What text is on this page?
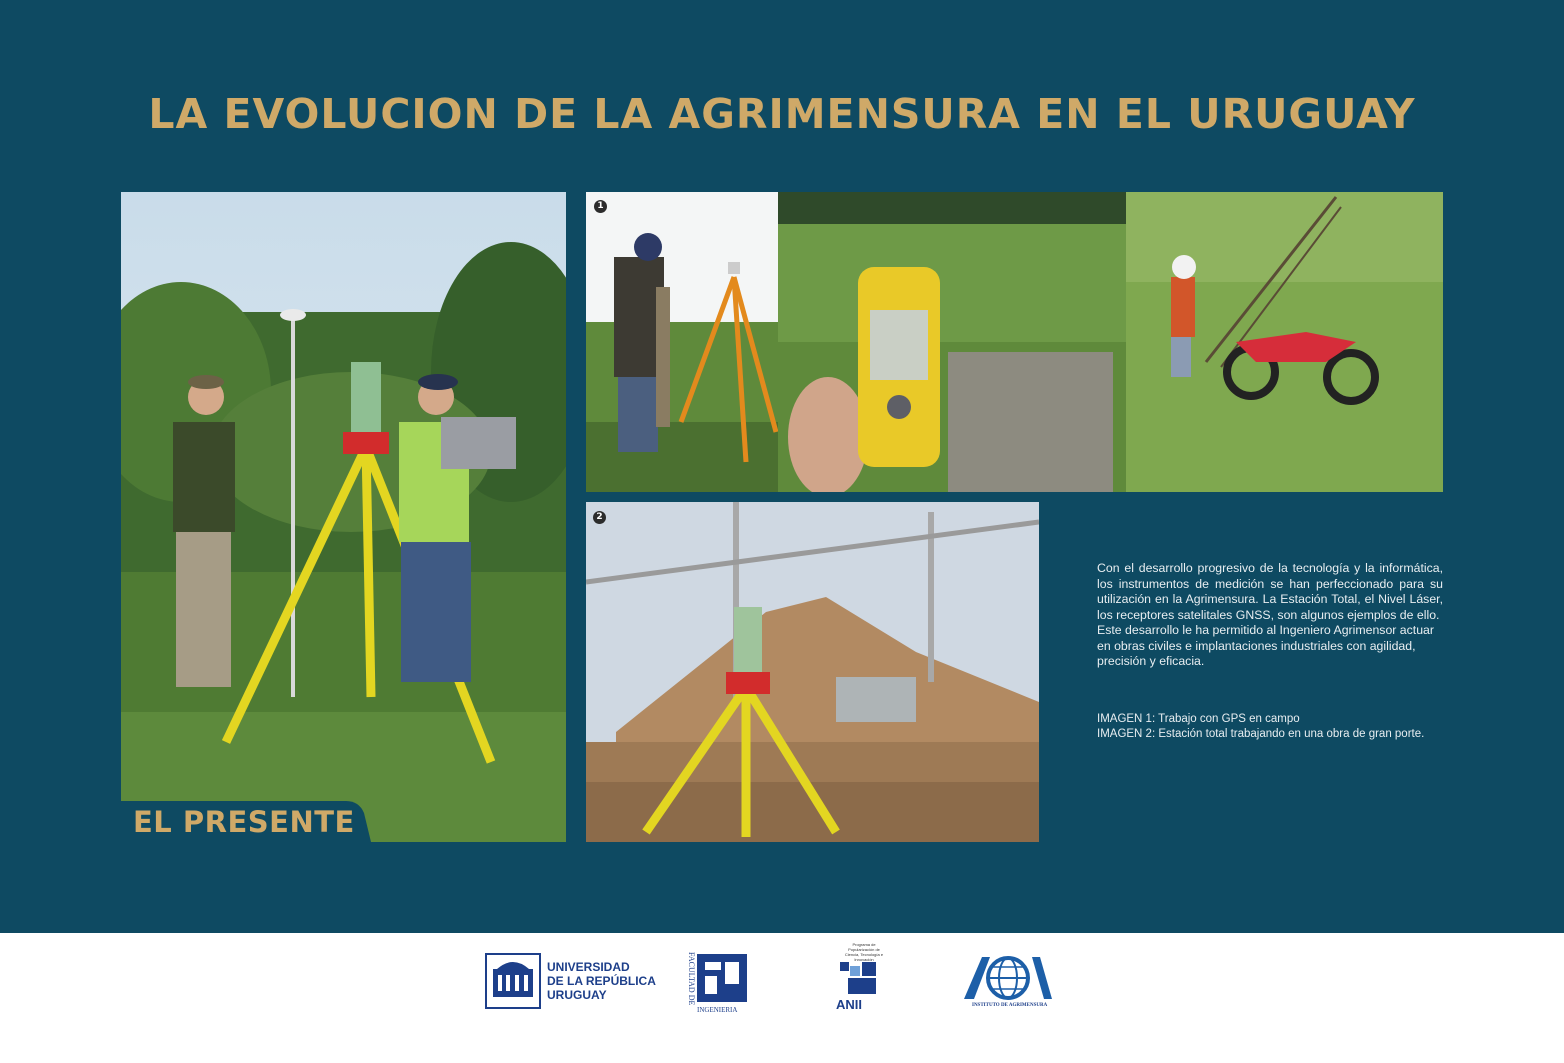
LA EVOLUCION DE LA AGRIMENSURA EN EL URUGUAY
1
2
EL PRESENTE

Con el desarrollo progresivo de la tecnología y la informática, los instrumentos de medición se han perfeccionado para su utilización en la Agrimensura. La Estación Total, el Nivel Láser, los receptores satelitales GNSS, son algunos ejemplos de ello.

Este desarrollo le ha permitido al Ingeniero Agrimensor actuar en obras civiles e implantaciones industriales con agilidad, precisión y eficacia.

IMAGEN 1: Trabajo con GPS en campo
IMAGEN 2: Estación total trabajando en una obra de gran porte.
UNIVERSIDAD
DE LA REPÚBLICA
URUGUAY	FACULTAD DE
INGENIERIA
Programa de Popularización de Ciencia, Tecnología e Innovación
ANII	INSTITUTO DE AGRIMENSURA
